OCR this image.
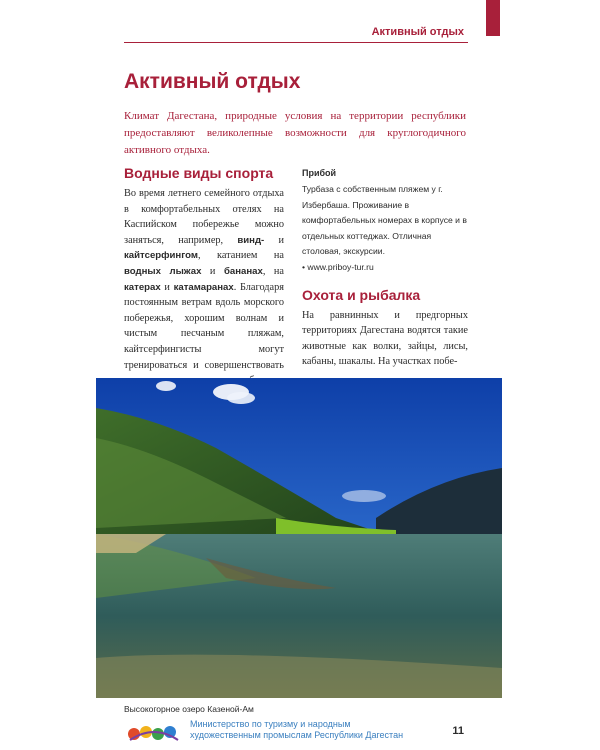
Активный отдых
Активный отдых

Климат Дагестана, природные условия на территории республики предоставляют великолепные возможности для круглогодичного активного отдыха.

Водные виды спорта

Во время летнего семейного отдыха в комфортабельных отелях на Каспийском побережье можно заняться, например, винд- и кайтсерфингом, катанием на водных лыжах и бананах, на катерах и катамаранах. Благодаря постоянным ветрам вдоль морского побережья, хорошим волнам и чистым песчаным пляжам, кайтсерфингисты могут тренироваться и совершенствовать

Прибой

Турбаза с собственным пляжем у г. Избербаша. Проживание в комфортабельных номерах в корпусе и в отдельных коттеджах. Отличная столовая, экскурсии.

• www.priboy-tur.ru

Охота и рыбалка

На равнинных и предгорных территориях Дагестана водятся такие животные как волки, зайцы, лисы, кабаны, шакалы. На участках побе-

Высокогорное озеро Казеной-Ам
Министерство по туризму и народным
художественным промыслам Республики Дагестан	11
